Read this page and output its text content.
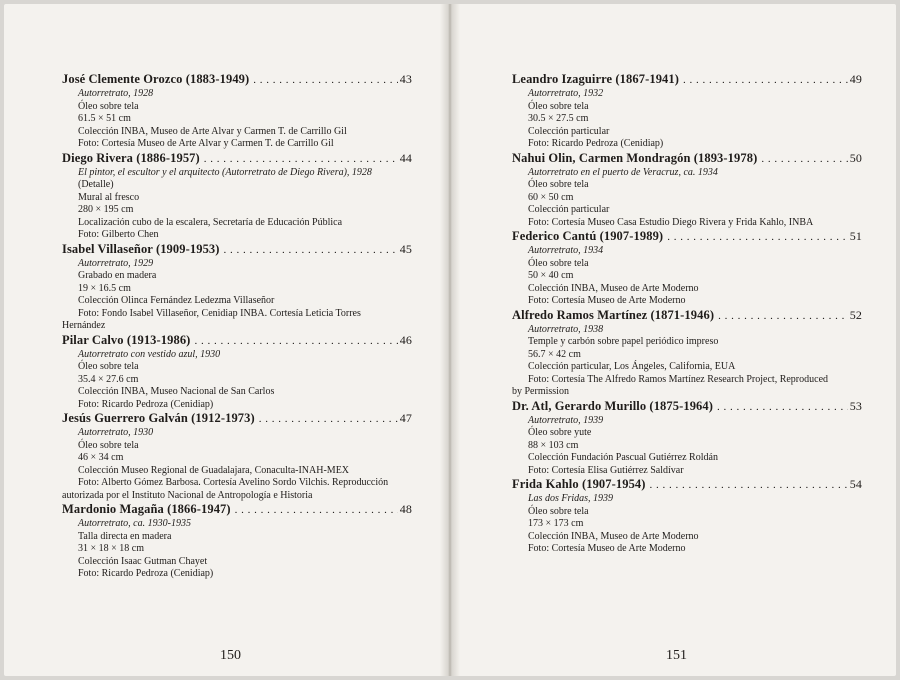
José Clemente Orozco (1883-1949) . . .	43
Autorretrato, 1928
Óleo sobre tela
61.5 × 51 cm
Colección INBA, Museo de Arte Alvar y Carmen T. de Carrillo Gil
Foto: Cortesía Museo de Arte Alvar y Carmen T. de Carrillo Gil
Diego Rivera (1886-1957) . . .	44
El pintor, el escultor y el arquitecto (Autorretrato de Diego Rivera), 1928
(Detalle)
Mural al fresco
280 × 195 cm
Localización cubo de la escalera, Secretaría de Educación Pública
Foto: Gilberto Chen
Isabel Villaseñor (1909-1953) . . .	45
Autorretrato, 1929
Grabado en madera
19 × 16.5 cm
Colección Olinca Fernández Ledezma Villaseñor
Foto: Fondo Isabel Villaseñor, Cenidiap INBA. Cortesía Leticia Torres
Hernández
Pilar Calvo (1913-1986) . . .	46
Autorretrato con vestido azul, 1930
Óleo sobre tela
35.4 × 27.6 cm
Colección INBA, Museo Nacional de San Carlos
Foto: Ricardo Pedroza (Cenidiap)
Jesús Guerrero Galván (1912-1973) . . .	47
Autorretrato, 1930
Óleo sobre tela
46 × 34 cm
Colección Museo Regional de Guadalajara, Conaculta-INAH-MEX
Foto: Alberto Gómez Barbosa. Cortesía Avelino Sordo Vilchis. Reproducción
autorizada por el Instituto Nacional de Antropología e Historia
Mardonio Magaña (1866-1947) . . .	48
Autorretrato, ca. 1930-1935
Talla directa en madera
31 × 18 × 18 cm
Colección Isaac Gutman Chayet
Foto: Ricardo Pedroza (Cenidiap)
150
Leandro Izaguirre (1867-1941) . . .	49
Autorretrato, 1932
Óleo sobre tela
30.5 × 27.5 cm
Colección particular
Foto: Ricardo Pedroza (Cenidiap)
Nahui Olin, Carmen Mondragón (1893-1978) . . .	50
Autorretrato en el puerto de Veracruz, ca. 1934
Óleo sobre tela
60 × 50 cm
Colección particular
Foto: Cortesía Museo Casa Estudio Diego Rivera y Frida Kahlo, INBA
Federico Cantú (1907-1989) . . .	51
Autorretrato, 1934
Óleo sobre tela
50 × 40 cm
Colección INBA, Museo de Arte Moderno
Foto: Cortesía Museo de Arte Moderno
Alfredo Ramos Martínez (1871-1946) . . .	52
Autorretrato, 1938
Temple y carbón sobre papel periódico impreso
56.7 × 42 cm
Colección particular, Los Ángeles, California, EUA
Foto: Cortesía The Alfredo Ramos Martínez Research Project, Reproduced
by Permission
Dr. Atl, Gerardo Murillo (1875-1964) . . .	53
Autorretrato, 1939
Óleo sobre yute
88 × 103 cm
Colección Fundación Pascual Gutiérrez Roldán
Foto: Cortesía Elisa Gutiérrez Saldívar
Frida Kahlo (1907-1954) . . .	54
Las dos Fridas, 1939
Óleo sobre tela
173 × 173 cm
Colección INBA, Museo de Arte Moderno
Foto: Cortesía Museo de Arte Moderno
151
